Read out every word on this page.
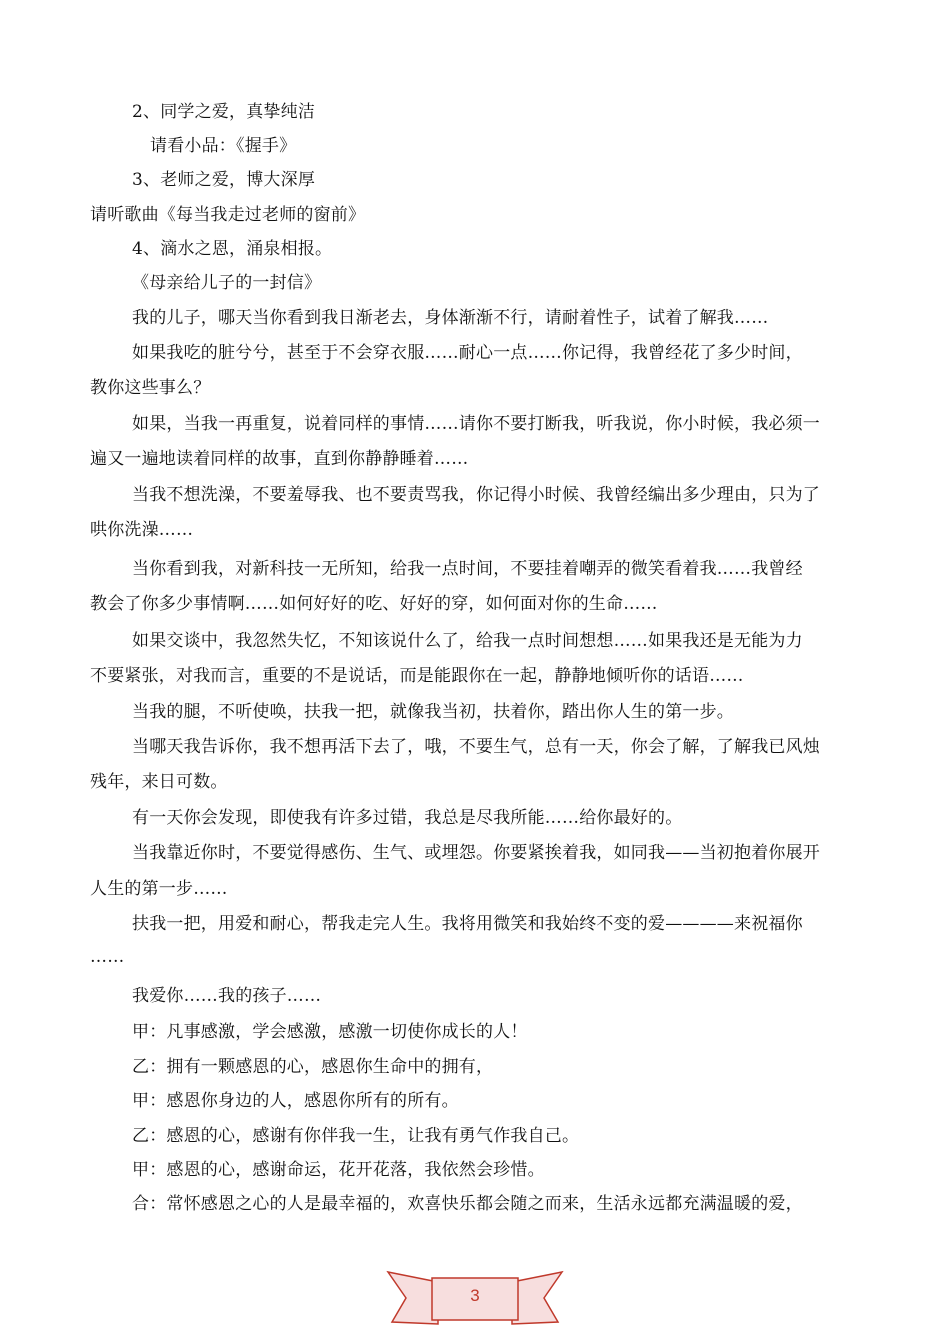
2、同学之爱，真挚纯洁
请看小品：《握手》
3、老师之爱，博大深厚
请听歌曲《每当我走过老师的窗前》
4、滴水之恩，涌泉相报。
《母亲给儿子的一封信》
我的儿子，哪天当你看到我日渐老去，身体渐渐不行，请耐着性子，试着了解我……
如果我吃的脏兮兮，甚至于不会穿衣服……耐心一点……你记得，我曾经花了多少时间，
教你这些事么？
如果，当我一再重复，说着同样的事情……请你不要打断我，听我说，你小时候，我必须一
遍又一遍地读着同样的故事，直到你静静睡着……
当我不想洗澡，不要羞辱我、也不要责骂我，你记得小时候、我曾经编出多少理由，只为了
哄你洗澡……
当你看到我，对新科技一无所知，给我一点时间，不要挂着嘲弄的微笑看着我……我曾经
教会了你多少事情啊……如何好好的吃、好好的穿，如何面对你的生命……
如果交谈中，我忽然失忆，不知该说什么了，给我一点时间想想……如果我还是无能为力
不要紧张，对我而言，重要的不是说话，而是能跟你在一起，静静地倾听你的话语……
当我的腿，不听使唤，扶我一把，就像我当初，扶着你，踏出你人生的第一步。
当哪天我告诉你，我不想再活下去了，哦，不要生气，总有一天，你会了解，了解我已风烛
残年，来日可数。
有一天你会发现，即使我有许多过错，我总是尽我所能……给你最好的。
当我靠近你时，不要觉得感伤、生气、或埋怨。你要紧挨着我，如同我——当初抱着你展开
人生的第一步……
扶我一把，用爱和耐心，帮我走完人生。我将用微笑和我始终不变的爱————来祝福你
……
我爱你……我的孩子……
甲：凡事感激，学会感激，感激一切使你成长的人！
乙：拥有一颗感恩的心，感恩你生命中的拥有，
甲：感恩你身边的人，感恩你所有的所有。
乙：感恩的心，感谢有你伴我一生，让我有勇气作我自己。
甲：感恩的心，感谢命运，花开花落，我依然会珍惜。
合：常怀感恩之心的人是最幸福的，欢喜快乐都会随之而来，生活永远都充满温暖的爱，
3
